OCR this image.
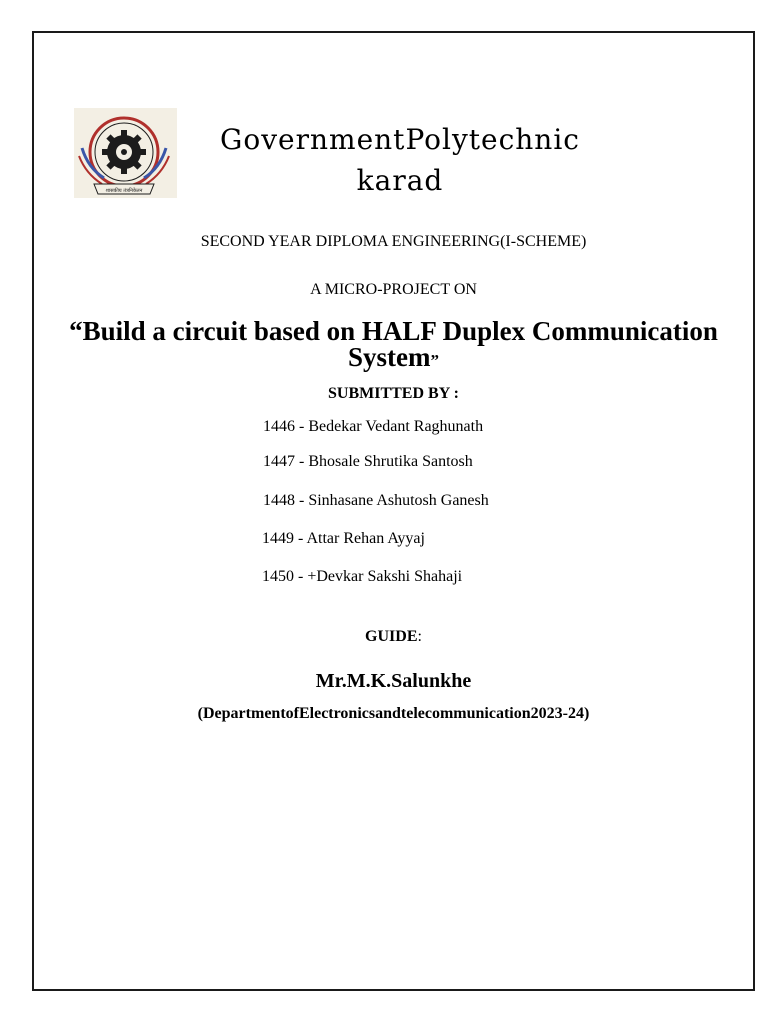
शासकीय तंत्रनिकेतन
GovernmentPolytechnic
karad
SECOND YEAR DIPLOMA ENGINEERING(I-SCHEME)
A MICRO-PROJECT ON
“Build a circuit based on HALF Duplex Communication
System”
SUBMITTED BY :
1446 - Bedekar Vedant Raghunath
1447 - Bhosale Shrutika Santosh
1448 - Sinhasane Ashutosh Ganesh
1449 - Attar Rehan Ayyaj
1450 - +Devkar Sakshi Shahaji
GUIDE:
Mr.M.K.Salunkhe
(DepartmentofElectronicsandtelecommunication2023-24)
